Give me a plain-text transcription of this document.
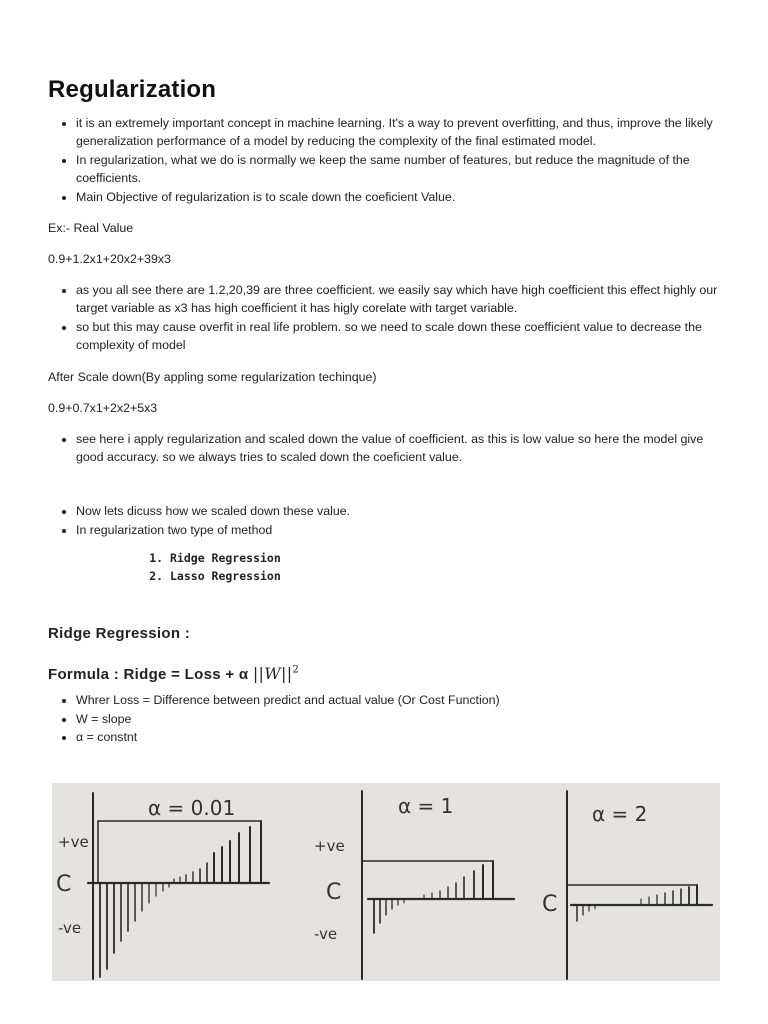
Regularization
• it is an extremely important concept in machine learning. It's a way to prevent overfitting, and thus, improve the likely generalization performance of a model by reducing the complexity of the final estimated model.
• In regularization, what we do is normally we keep the same number of features, but reduce the magnitude of the coefficients.
• Main Objective of regularization is to scale down the coeficient Value.

Ex:- Real Value

0.9+1.2x1+20x2+39x3

• as you all see there are 1.2,20,39 are three coefficient. we easily say which have high coefficient this effect highly our target variable as x3 has high coefficient it has higly corelate with target variable.
• so but this may cause overfit in real life problem. so we need to scale down these coefficient value to decrease the complexity of model

After Scale down(By appling some regularization techinque)

0.9+0.7x1+2x2+5x3

• see here i apply regularization and scaled down the value of coefficient. as this is low value so here the model give good accuracy. so we always tries to scaled down the coeficient value.
• Now lets dicuss how we scaled down these value.
• In regularization two type of method
1. Ridge Regression
2. Lasso Regression
Ridge Regression :

Formula : Ridge = Loss + α $||W||^2$

• Whrer Loss = Difference between predict and actual value (Or Cost Function)
• W = slope
• α = constnt
α = 0.01
+ve
C
-ve
α = 1
+ve
C
-ve
α = 2
C
